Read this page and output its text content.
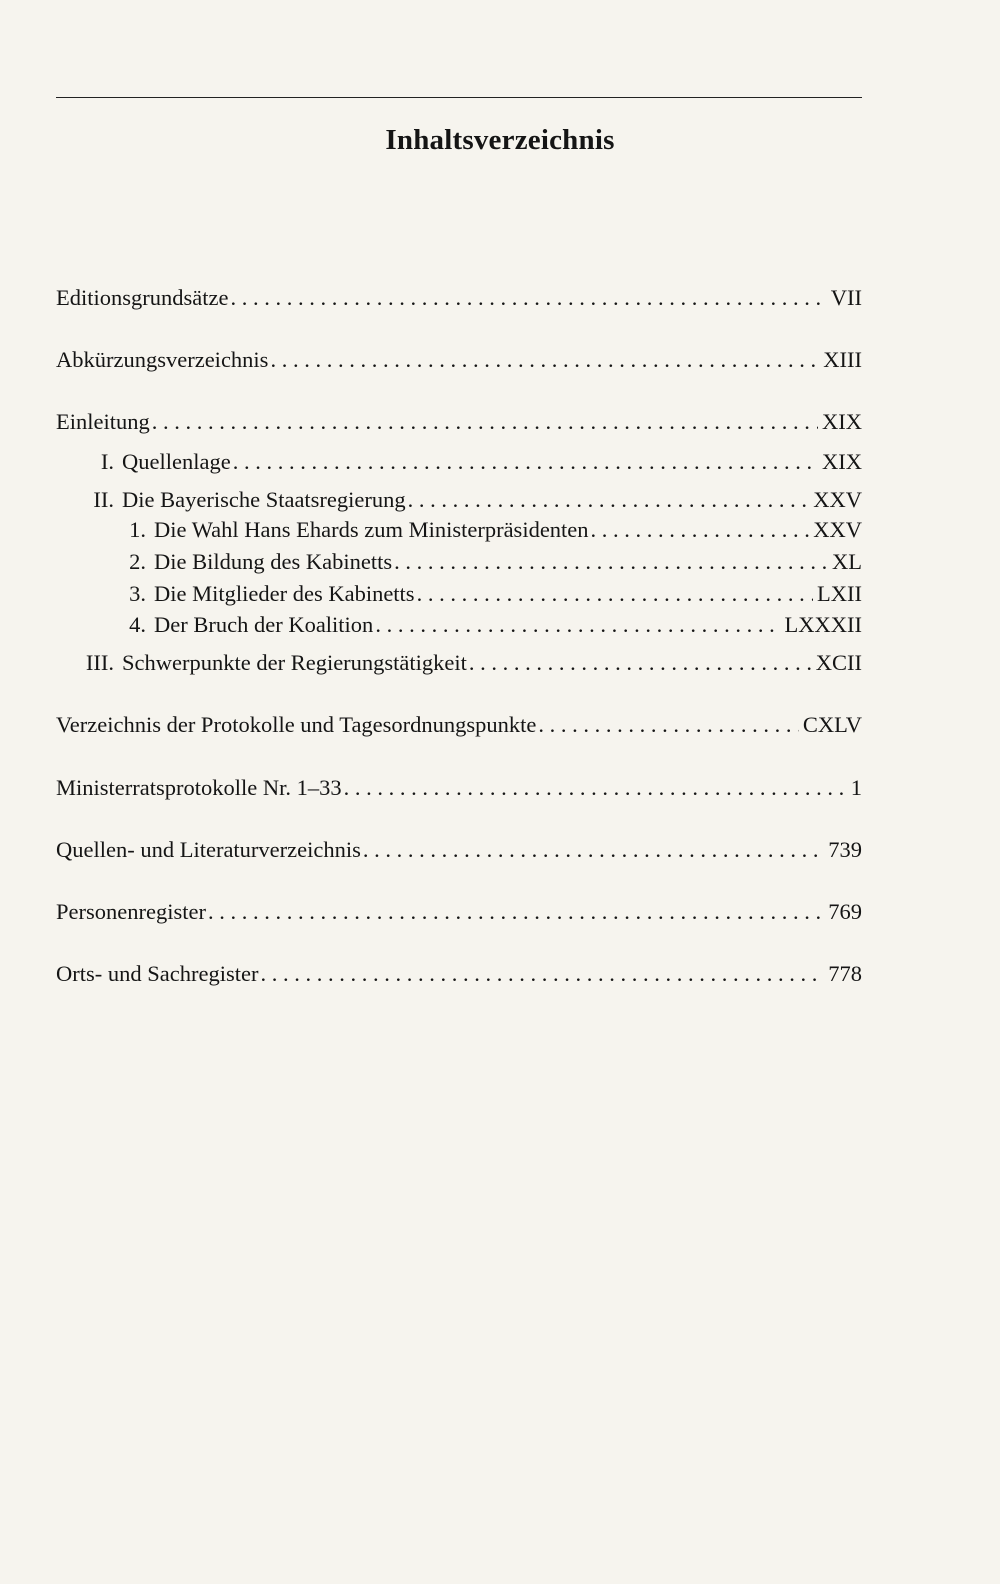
Inhaltsverzeichnis
Editionsgrundsätze . . .	VII
Abkürzungsverzeichnis . . .	XIII
Einleitung . . .	XIX
I. Quellenlage . . .	XIX
II. Die Bayerische Staatsregierung . . .	XXV
1. Die Wahl Hans Ehards zum Ministerpräsidenten . . .	XXV
2. Die Bildung des Kabinetts . . .	XL
3. Die Mitglieder des Kabinetts . . .	LXII
4. Der Bruch der Koalition . . .	LXXXII
III. Schwerpunkte der Regierungstätigkeit . . .	XCII
Verzeichnis der Protokolle und Tagesordnungspunkte . . .	CXLV
Ministerratsprotokolle Nr. 1–33 . . .	1
Quellen- und Literaturverzeichnis . . .	739
Personenregister . . .	769
Orts- und Sachregister . . .	778
